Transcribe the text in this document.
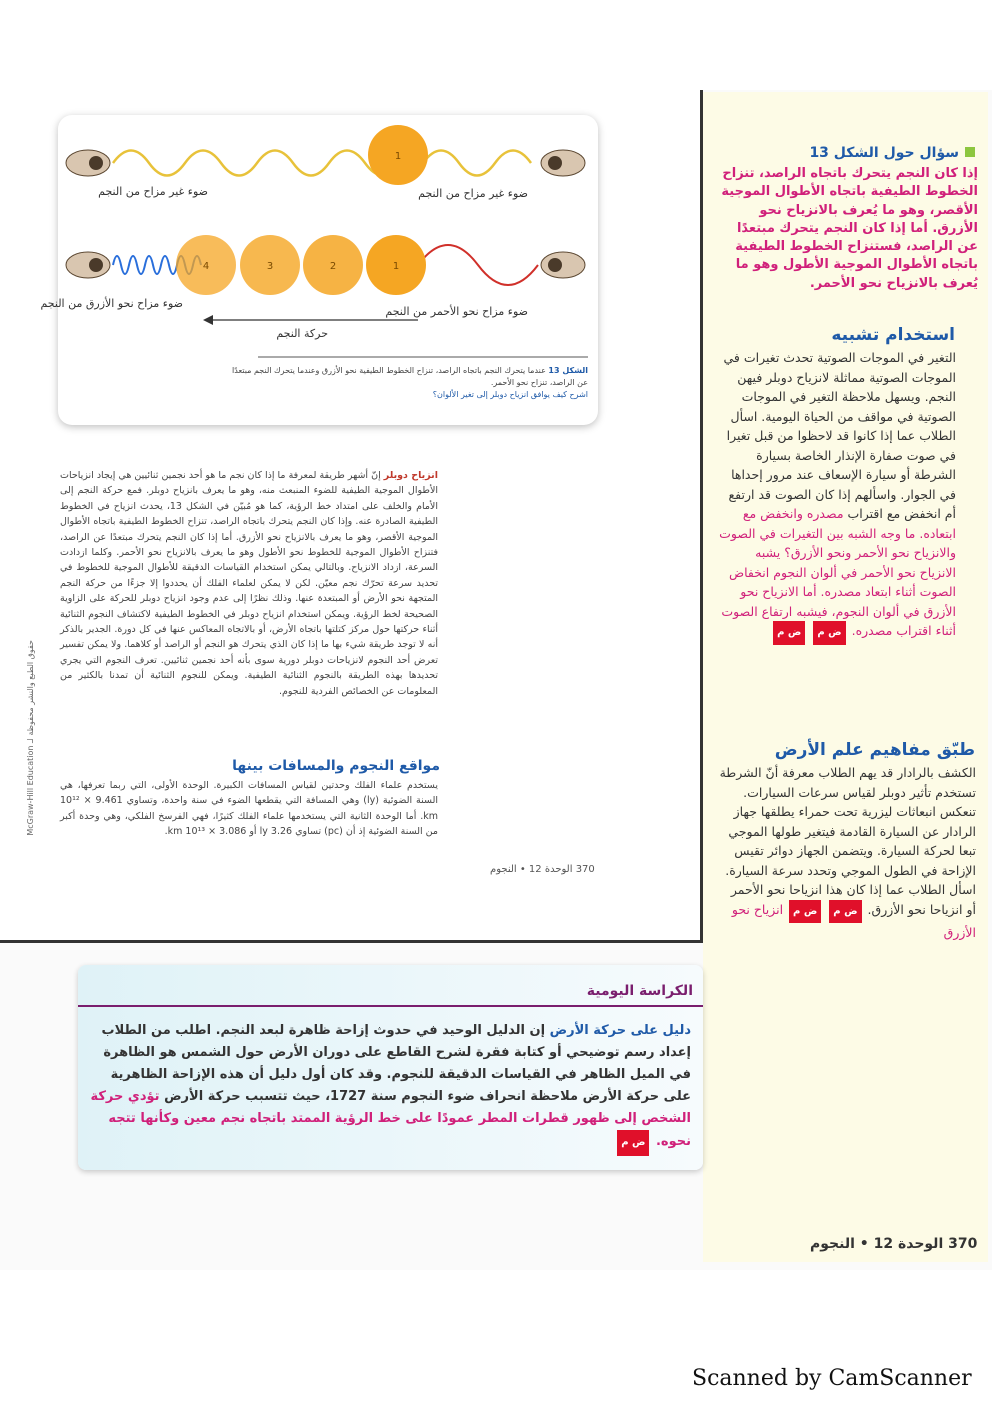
1
ضوء غير مزاح من النجم	ضوء غير مزاح من النجم
4	3	2	1
ضوء مزاح نحو الأزرق من النجم
ضوء مزاح نحو الأحمر من النجم
حركة النجم
الشكل 13 عندما يتحرك النجم باتجاه الراصد، تنزاح الخطوط الطيفية نحو الأزرق وعندما يتحرك النجم مبتعدًا عن الراصد، تنزاح نحو الأحمر.
اشرح كيف يوافق انزياح دوبلر إلى تغير الألوان؟
انزياح دوبلر إنّ أشهر طريقة لمعرفة ما إذا كان نجم ما هو أحد نجمين ثنائيين هي إيجاد انزياحات الأطوال الموجية الطيفية للضوء المنبعث منه، وهو ما يعرف بانزياح دوبلر. فمع حركة النجم إلى الأمام والخلف على امتداد خط الرؤية، كما هو مُبيّن في الشكل 13، يحدث انزياح في الخطوط الطيفية الصادرة عنه. وإذا كان النجم يتحرك باتجاه الراصد، تنزاح الخطوط الطيفية باتجاه الأطوال الموجية الأقصر، وهو ما يعرف بالانزياح نحو الأزرق. أما إذا كان النجم يتحرك مبتعدًا عن الراصد، فتنزاح الأطوال الموجية للخطوط نحو الأطول وهو ما يعرف بالانزياح نحو الأحمر. وكلما ازدادت السرعة، ازداد الانزياح. وبالتالي يمكن استخدام القياسات الدقيقة للأطوال الموجية للخطوط في تحديد سرعة تحرّك نجم معيّن. لكن لا يمكن لعلماء الفلك أن يحددوا إلا جزءًا من حركة النجم المتجهة نحو الأرض أو المبتعدة عنها. وذلك نظرًا إلى عدم وجود انزياح دوبلر للحركة على الزاوية الصحيحة لخط الرؤية. ويمكن استخدام انزياح دوبلر في الخطوط الطيفية لاكتشاف النجوم الثنائية أثناء حركتها حول مركز كتلتها باتجاه الأرض، أو بالاتجاه المعاكس عنها في كل دورة. الجدير بالذكر أنه لا توجد طريقة شيء بها ما إذا كان الذي يتحرك هو النجم أو الراصد أو كلاهما. ولا يمكن تفسير تعرض أحد النجوم لانزياحات دوبلر دورية سوى بأنه أحد نجمين ثنائيين. تعرف النجوم التي يجري تحديدها بهذه الطريقة بالنجوم الثنائية الطيفية. ويمكن للنجوم الثنائية أن تمدنا بالكثير من المعلومات عن الخصائص الفردية للنجوم.
مواقع النجوم والمسافات بينها
يستخدم علماء الفلك وحدتين لقياس المسافات الكبيرة. الوحدة الأولى، التي ربما تعرفها، هي السنة الضوئية (ly) وهي المسافة التي يقطعها الضوء في سنة واحدة، وتساوي 9.461 × 10¹² km. أما الوحدة الثانية التي يستخدمها علماء الفلك كثيرًا، فهي الفرسخ الفلكي، وهي وحدة أكبر من السنة الضوئية إذ أن (pc) تساوي 3.26 ly أو 3.086 × 10¹³ km.
370 الوحدة 12 • النجوم
McGraw-Hill Education حقوق الطبع والنشر محفوظة لـ
سؤال حول الشكل 13
إذا كان النجم يتحرك باتجاه الراصد، تنزاح الخطوط الطيفية باتجاه الأطوال الموجية الأقصر، وهو ما يُعرف بالانزياح نحو الأزرق. أما إذا كان النجم يتحرك مبتعدًا عن الراصد، فستنزاح الخطوط الطيفية باتجاه الأطوال الموجية الأطول وهو ما يُعرف بالانزياح نحو الأحمر.
استخدام تشبيه
التغير في الموجات الصوتية تحدث تغيرات في الموجات الصوتية مماثلة لانزياح دوبلر فيهن النجم. ويسهل ملاحظة التغير في الموجات الصوتية في مواقف من الحياة اليومية. اسأل الطلاب عما إذا كانوا قد لاحظوا من قبل تغيرا في صوت صفارة الإنذار الخاصة بسيارة الشرطة أو سيارة الإسعاف عند مرور إحداها في الجوار. واسألهم إذا كان الصوت قد ارتفع أم انخفض مع اقتراب مصدره وانخفض مع ابتعاده. ما وجه الشبه بين التغيرات في الصوت والانزياح نحو الأحمر ونحو الأزرق؟ يشبه الانزياح نحو الأحمر في ألوان النجوم انخفاض الصوت أثناء ابتعاد مصدره. أما الانزياح نحو الأزرق في ألوان النجوم، فيشبه ارتفاع الصوت أثناء اقتراب مصدره. ض م ض م
طبّق مفاهيم علم الأرض
الكشف بالرادار قد يهم الطلاب معرفة أنّ الشرطة تستخدم تأثير دوبلر لقياس سرعات السيارات. تنعكس انبعاثات ليزرية تحت حمراء يطلقها جهاز الرادار عن السيارة القادمة فيتغير طولها الموجي تبعا لحركة السيارة. ويتضمن الجهاز دوائر تقيس الإزاحة في الطول الموجي وتحدد سرعة السيارة. اسأل الطلاب عما إذا كان هذا انزياحا نحو الأحمر أو انزياحا نحو الأزرق. ض م ض م انزياح نحو الأزرق
الكراسة اليومية
دليل على حركة الأرض إن الدليل الوحيد في حدوث إزاحة ظاهرة لبعد النجم. اطلب من الطلاب إعداد رسم توضيحي أو كتابة فقرة لشرح القاطع على دوران الأرض حول الشمس هو الظاهرة في الميل الظاهر في القياسات الدقيقة للنجوم. وقد كان أول دليل أن هذه الإزاحة الظاهرية على حركة الأرض ملاحظة انحراف ضوء النجوم سنة 1727، حيث تتسبب حركة الأرض تؤدي حركة الشخص إلى ظهور قطرات المطر عمودًا على خط الرؤية الممتد باتجاه نجم معين وكأنها تتجه نحوه. ض م
370 الوحدة 12 • النجوم
Scanned by CamScanner
